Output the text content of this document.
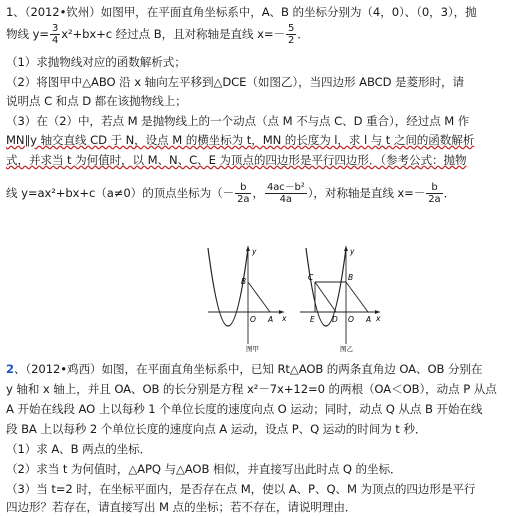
1、（2012•钦州）如图甲，在平面直角坐标系中，A、B 的坐标分别为（4，0）、（0，3），抛
物线 $y= \frac{3}{4} x^2+bx+c$ 经过点 B，且对称轴是直线 $x=- \frac{5}{2}$ ．
（1）求抛物线对应的函数解析式；
（2）将图甲中△ABO 沿 x 轴向左平移到△DCE（如图乙），当四边形 ABCD 是菱形时，请
说明点 C 和点 D 都在该抛物线上；
（3）在（2）中，若点 M 是抛物线上的一个动点（点 M 不与点 C、D 重合），经过点 M 作
MN∥y 轴交直线 CD 于 N，设点 M 的横坐标为 t，MN 的长度为 l，求 l 与 t 之间的函数解析
式，并求当 t 为何值时，以 M、N、C、E 为顶点的四边形是平行四边形．（参考公式：抛物
线 y=ax²+bx+c（a≠0）的顶点坐标为（－ $\frac{b}{2a}$ ， $\frac{\text{4ac－b²}}{4a}$ ），对称轴是直线 $x=- \frac{b}{2a}$ ．
y
x
O A
B
图甲
y
x
C	B
E D O A
图乙
2、（2012•鸡西）如图，在平面直角坐标系中，已知 Rt△AOB 的两条直角边 OA、OB 分别在
y 轴和 x 轴上，并且 OA、OB 的长分别是方程 x²－7x+12=0 的两根（OA＜OB），动点 P 从点
A 开始在线段 AO 上以每秒 1 个单位长度的速度向点 O 运动；同时，动点 Q 从点 B 开始在线
段 BA 上以每秒 2 个单位长度的速度向点 A 运动，设点 P、Q 运动的时间为 t 秒．
（1）求 A、B 两点的坐标．
（2）求当 t 为何值时，△APQ 与△AOB 相似，并直接写出此时点 Q 的坐标．
（3）当 t=2 时，在坐标平面内，是否存在点 M，使以 A、P、Q、M 为顶点的四边形是平行
四边形？若存在，请直接写出 M 点的坐标；若不存在，请说明理由．
